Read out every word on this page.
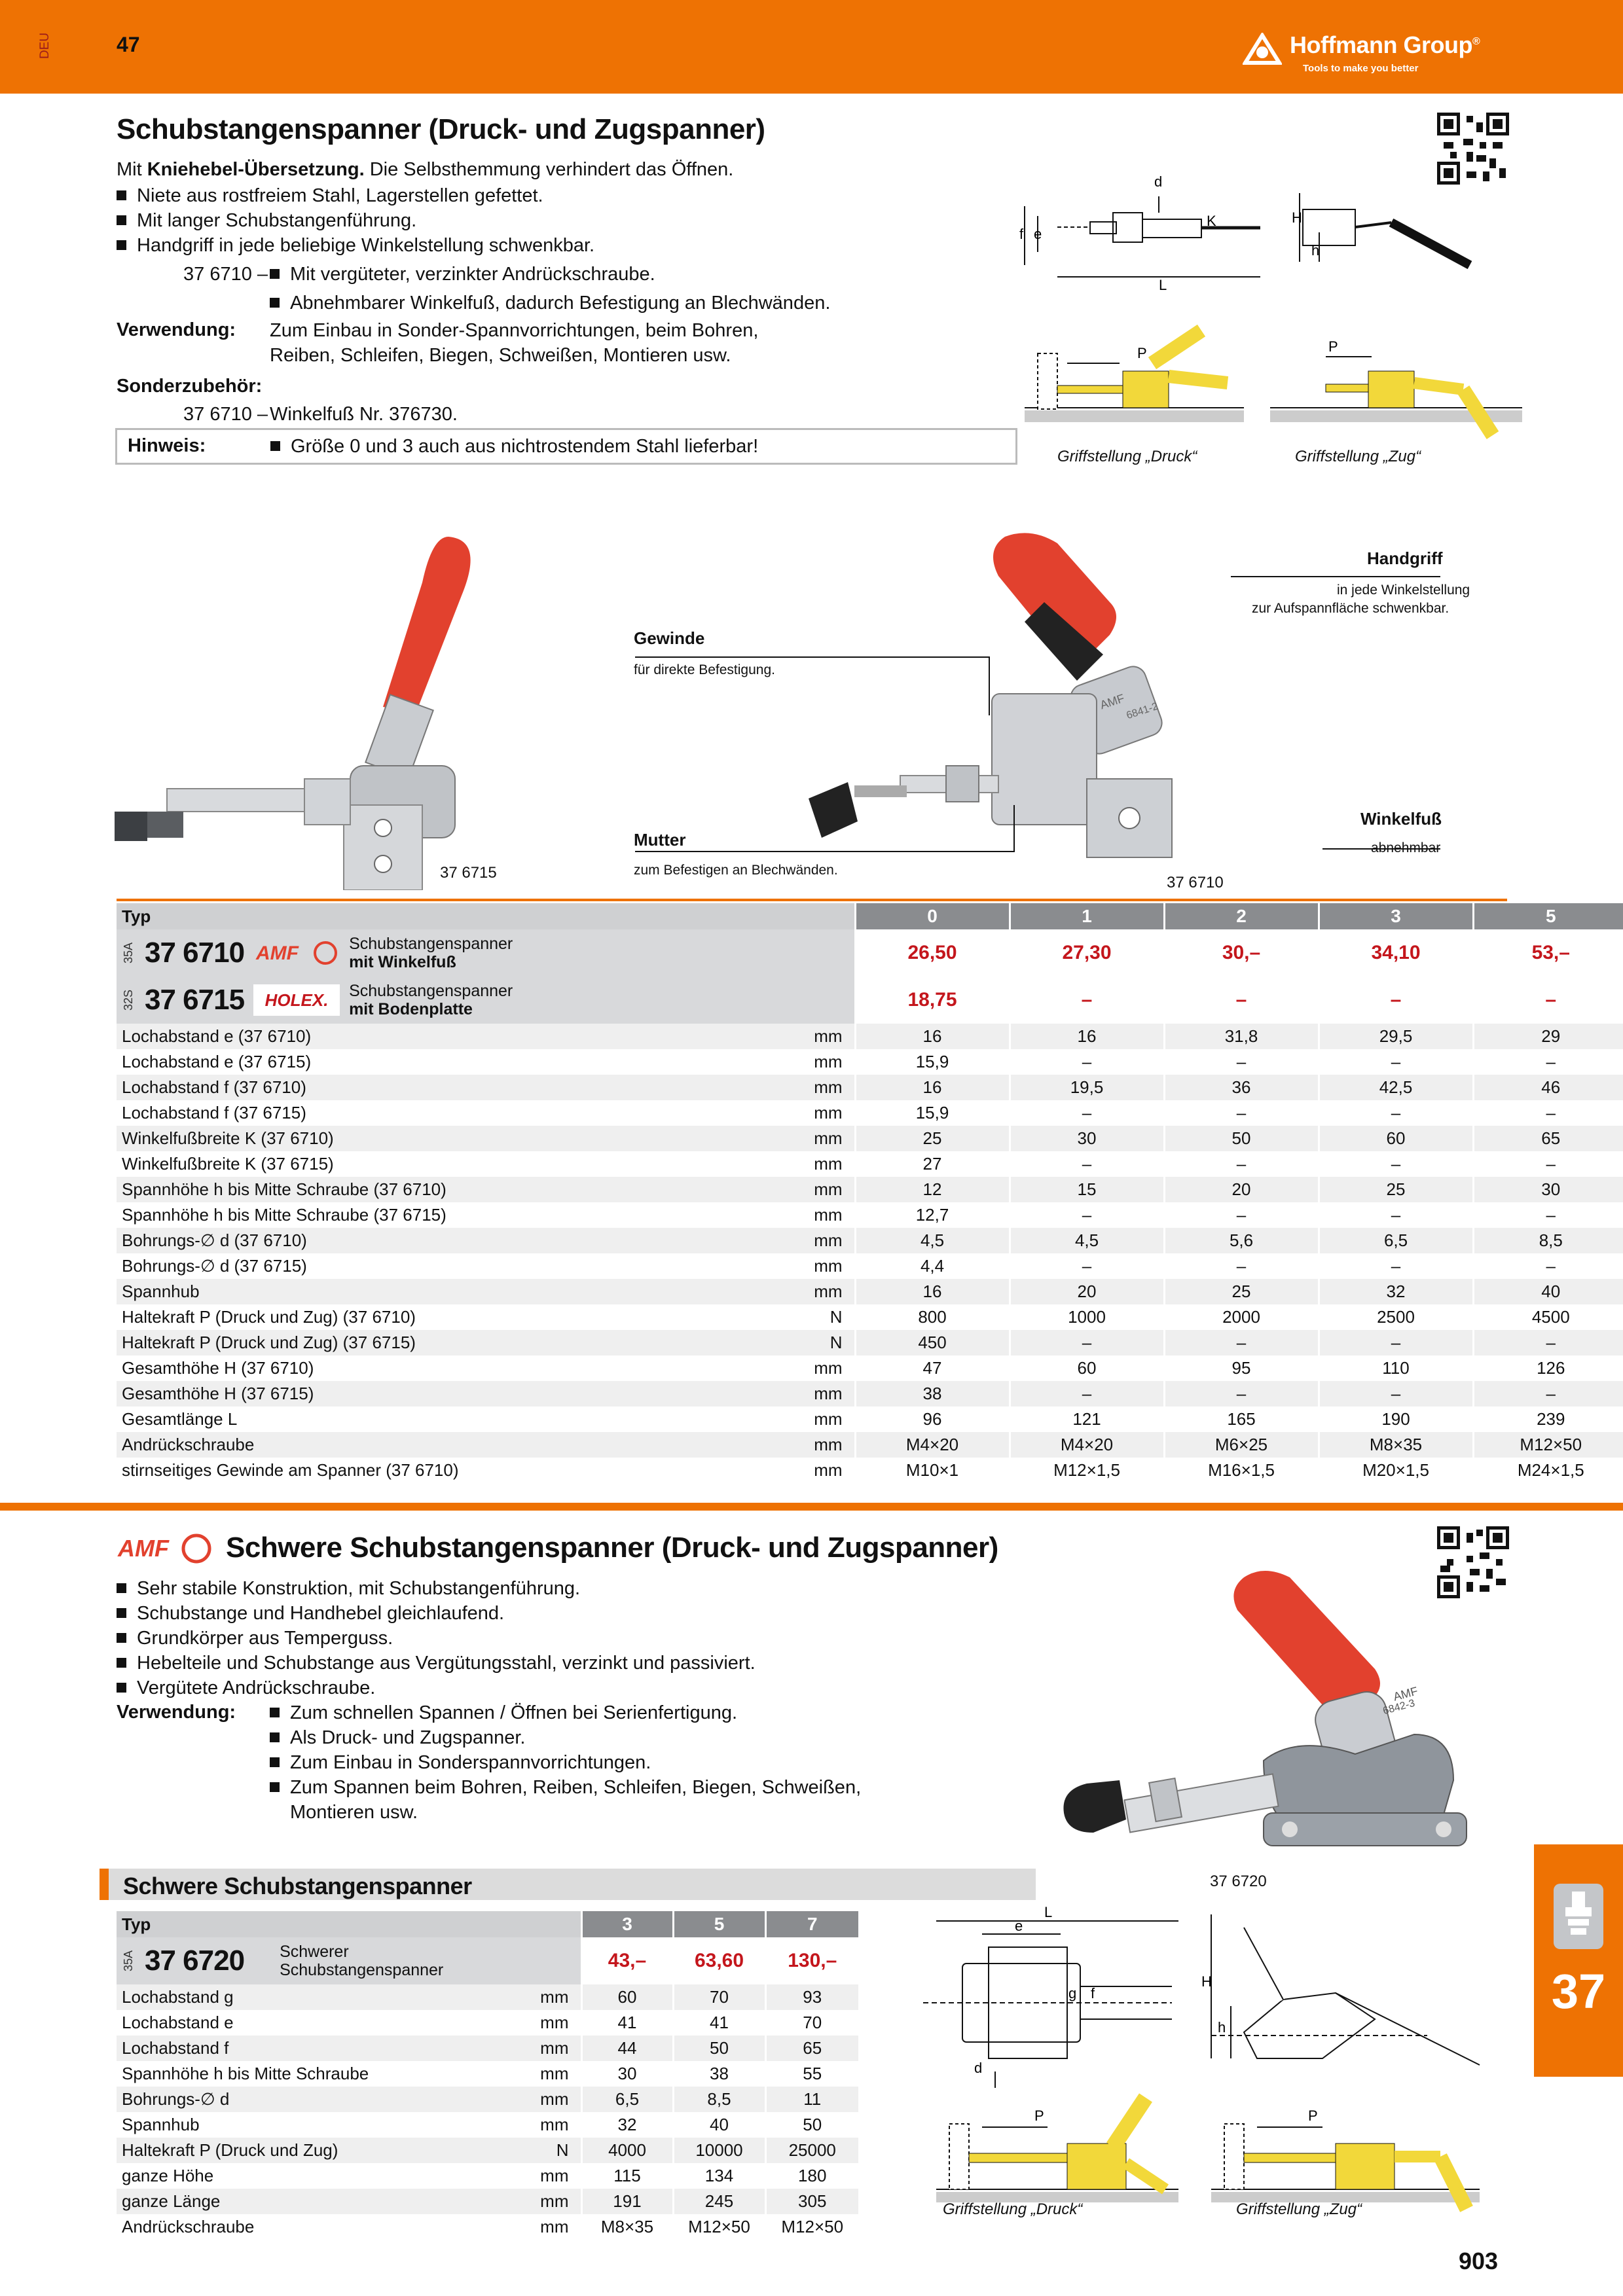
DEU	47	Hoffmann Group®
Tools to make you better
Schubstangenspanner (Druck- und Zugspanner)
Mit Kniehebel-Übersetzung. Die Selbsthemmung verhindert das Öffnen.
Niete aus rostfreiem Stahl, Lagerstellen gefettet.
Mit langer Schubstangenführung.
Handgriff in jede beliebige Winkelstellung schwenkbar.
37 6710 –	Mit vergüteter, verzinkter Andrückschraube.
Abnehmbarer Winkelfuß, dadurch Befestigung an Blechwänden.
Verwendung: Zum Einbau in Sonder-Spannvorrichtungen, beim Bohren,
Reiben, Schleifen, Biegen, Schweißen, Montieren usw.
Sonderzubehör:
37 6710 – Winkelfuß Nr. 376730.
Hinweis:	Größe 0 und 3 auch aus nichtrostendem Stahl lieferbar!
d
K
f e
L
H
h
P	P
Griffstellung „Druck“	Griffstellung „Zug“
37 6715
Handgriff
in jede Winkelstellung
zur Aufspannfläche schwenkbar.
Gewinde
für direkte Befestigung.
Mutter
zum Befestigen an Blechwänden.
Winkelfuß
abnehmbar
37 6710
AMF
6841-2
Typ	0	1	2	3	5

35A 37 6710 AMF Schubstangenspanner
mit Winkelfuß	26,50	27,30	30,–	34,10	53,–

32S 37 6715 HOLEX. Schubstangenspanner
mit Bodenplatte	18,75	–	–	–	–

Lochabstand e (37 6710) mm	16	16	31,8	29,5	29

Lochabstand e (37 6715) mm	15,9	–	–	–	–

Lochabstand f (37 6710) mm	16	19,5	36	42,5	46

Lochabstand f (37 6715) mm	15,9	–	–	–	–

Winkelfußbreite K (37 6710) mm	25	30	50	60	65

Winkelfußbreite K (37 6715) mm	27	–	–	–	–

Spannhöhe h bis Mitte Schraube (37 6710) mm	12	15	20	25	30

Spannhöhe h bis Mitte Schraube (37 6715) mm	12,7	–	–	–	–

Bohrungs-∅ d (37 6710) mm	4,5	4,5	5,6	6,5	8,5

Bohrungs-∅ d (37 6715) mm	4,4	–	–	–	–

Spannhub mm	16	20	25	32	40

Haltekraft P (Druck und Zug) (37 6710) N	800	1000	2000	2500	4500

Haltekraft P (Druck und Zug) (37 6715) N	450	–	–	–	–

Gesamthöhe H (37 6710) mm	47	60	95	110	126

Gesamthöhe H (37 6715) mm	38	–	–	–	–

Gesamtlänge L mm	96	121	165	190	239

Andrückschraube mm	M4×20	M4×20	M6×25	M8×35	M12×50

stirnseitiges Gewinde am Spanner (37 6710) mm	M10×1	M12×1,5	M16×1,5	M20×1,5	M24×1,5
AMF Schwere Schubstangenspanner (Druck- und Zugspanner)
Sehr stabile Konstruktion, mit Schubstangenführung.
Schubstange und Handhebel gleichlaufend.
Grundkörper aus Temperguss.
Hebelteile und Schubstange aus Vergütungsstahl, verzinkt und passiviert.
Vergütete Andrückschraube.
Verwendung:	Zum schnellen Spannen / Öffnen bei Serienfertigung.
Als Druck- und Zugspanner.
Zum Einbau in Sonderspannvorrichtungen.
Zum Spannen beim Bohren, Reiben, Schleifen, Biegen, Schweißen,
Montieren usw.
AMF
6842-3
37 6720
Schwere Schubstangenspanner
Typ	3	5	7

35A 37 6720 Schwerer
Schubstangenspanner	43,–	63,60	130,–

Lochabstand g mm	60	70	93

Lochabstand e mm	41	41	70

Lochabstand f mm	44	50	65

Spannhöhe h bis Mitte Schraube mm	30	38	55

Bohrungs-∅ d mm	6,5	8,5	11

Spannhub mm	32	40	50

Haltekraft P (Druck und Zug) N	4000	10000	25000

ganze Höhe mm	115	134	180

ganze Länge mm	191	245	305

Andrückschraube mm	M8×35	M12×50	M12×50
L
e
g f
d
H
h
P	P
Griffstellung „Druck“	Griffstellung „Zug“
37
903
